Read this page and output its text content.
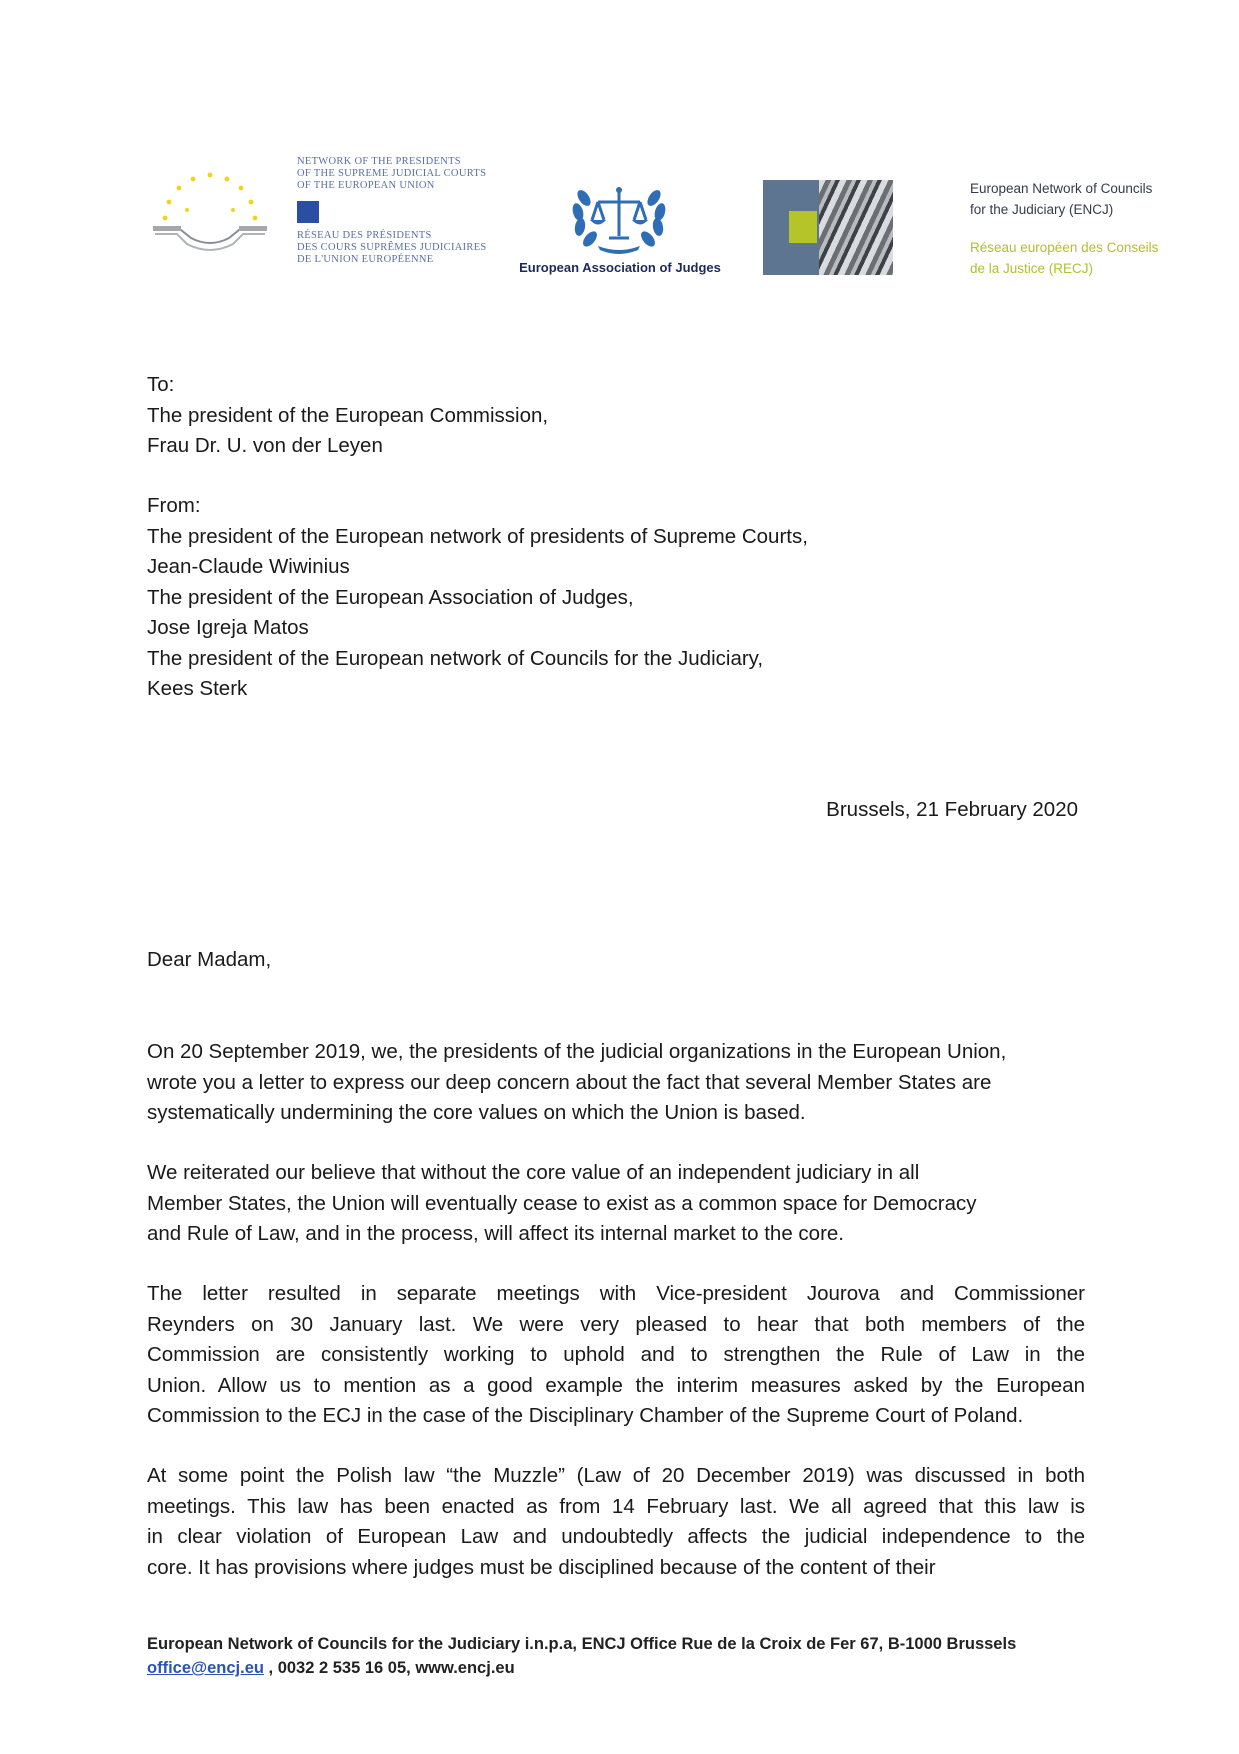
NETWORK OF THE PRESIDENTS
OF THE SUPREME JUDICIAL COURTS
OF THE EUROPEAN UNION
RÉSEAU DES PRÉSIDENTS
DES COURS SUPRÊMES JUDICIAIRES
DE L'UNION EUROPÉENNE
European Association of Judges
European Network of Councils
for the Judiciary (ENCJ)
Réseau européen des Conseils
de la Justice (RECJ)
To:
The president of the European Commission,
Frau Dr. U. von der Leyen
From:
The president of the European network of presidents of Supreme Courts,
Jean-Claude Wiwinius
The president of the European Association of Judges,
Jose Igreja Matos
The president of the European network of Councils for the Judiciary,
Kees Sterk
Brussels, 21 February 2020
Dear Madam,
On 20 September 2019, we, the presidents of the judicial organizations in the European Union,
wrote you a letter to express our deep concern about the fact that several Member States are
systematically undermining the core values on which the Union is based.
We reiterated our believe that without the core value of an independent judiciary in all
Member States, the Union will eventually cease to exist as a common space for Democracy
and Rule of Law, and in the process, will affect its internal market to the core.
The letter resulted in separate meetings with Vice-president Jourova and Commissioner
Reynders on 30 January last. We were very pleased to hear that both members of the
Commission are consistently working to uphold and to strengthen the Rule of Law in the
Union. Allow us to mention as a good example the interim measures asked by the European
Commission to the ECJ in the case of the Disciplinary Chamber of the Supreme Court of Poland.
At some point the Polish law “the Muzzle” (Law of 20 December 2019) was discussed in both
meetings. This law has been enacted as from 14 February last. We all agreed that this law is
in clear violation of European Law and undoubtedly affects the judicial independence to the
core. It has provisions where judges must be disciplined because of the content of their
European Network of Councils for the Judiciary i.n.p.a, ENCJ Office Rue de la Croix de Fer 67, B-1000 Brussels
office@encj.eu , 0032 2 535 16 05, www.encj.eu
